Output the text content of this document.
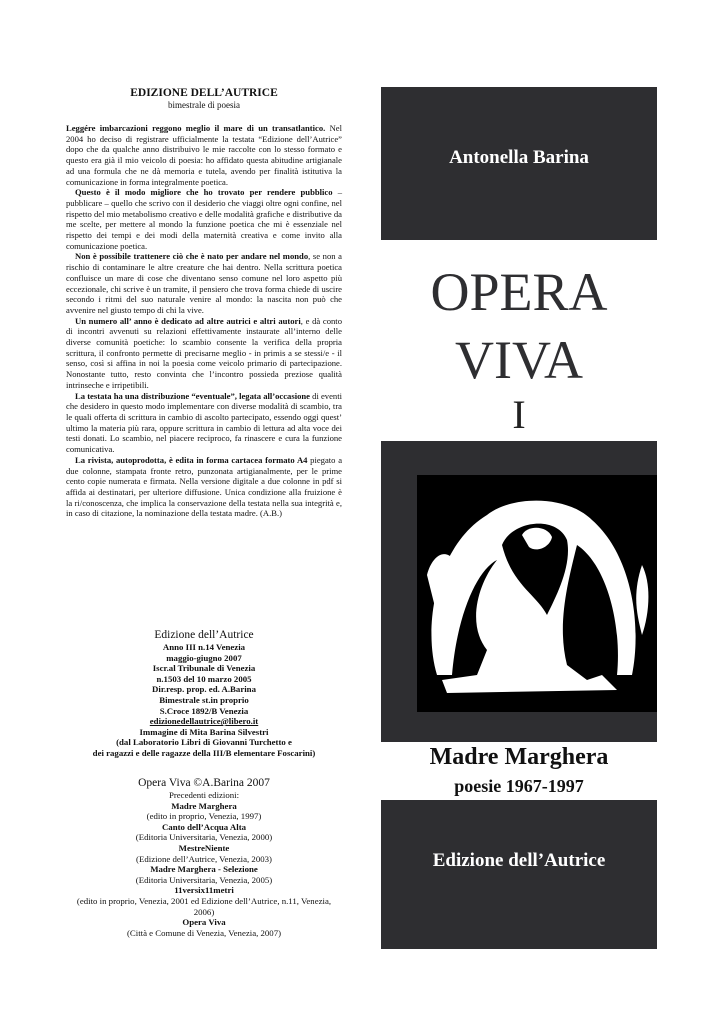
EDIZIONE DELL’AUTRICE
bimestrale di poesia

Leggére imbarcazioni reggono meglio il mare di un transatlantico. Nel 2004 ho deciso di registrare ufficialmente la testata “Edizione dell’Autrice” dopo che da qualche anno distribuivo le mie raccolte con lo stesso formato e questo era già il mio veicolo di poesia: ho affidato questa abitudine artigianale ad una formula che ne dà memoria e tutela, avendo per finalità istitutiva la comunicazione in forma integralmente poetica.

Questo è il modo migliore che ho trovato per rendere pubblico – pubblicare – quello che scrivo con il desiderio che viaggi oltre ogni confine, nel rispetto del mio metabolismo creativo e delle modalità grafiche e distributive da me scelte, per mettere al mondo la funzione poetica che mi è essenziale nel rispetto dei tempi e dei modi della maternità creativa e come invito alla comunicazione poetica.

Non è possibile trattenere ciò che è nato per andare nel mondo, se non a rischio di contaminare le altre creature che hai dentro. Nella scrittura poetica confluisce un mare di cose che diventano senso comune nel loro aspetto più eccezionale, chi scrive è un tramite, il pensiero che trova forma chiede di uscire secondo i ritmi del suo naturale venire al mondo: la nascita non può che avvenire nel giusto tempo di chi la vive.

Un numero all’ anno è dedicato ad altre autrici e altri autori, e dà conto di incontri avvenuti su relazioni effettivamente instaurate all’interno delle diverse comunità poetiche: lo scambio consente la verifica della propria scrittura, il confronto permette di precisarne meglio - in primis a se stessi/e - il senso, così si affina in noi la poesia come veicolo primario di partecipazione. Nonostante tutto, resto convinta che l’incontro possieda preziose qualità intrinseche e irripetibili.

La testata ha una distribuzione “eventuale”, legata all’occasione di eventi che desidero in questo modo implementare con diverse modalità di scambio, tra le quali offerta di scrittura in cambio di ascolto partecipato, essendo oggi quest’ ultimo la materia più rara, oppure scrittura in cambio di lettura ad alta voce dei testi donati. Lo scambio, nel piacere reciproco, fa rinascere e cura la funzione comunicativa.

La rivista, autoprodotta, è edita in forma cartacea formato A4 piegato a due colonne, stampata fronte retro, punzonata artigianalmente, per le prime cento copie numerata e firmata. Nella versione digitale a due colonne in pdf si affida ai destinatari, per ulteriore diffusione. Unica condizione alla fruizione è la ri/conoscenza, che implica la conservazione della testata nella sua integrità e, in caso di citazione, la nominazione della testata madre. (A.B.)

Edizione dell’Autrice
Anno III n.14 Venezia
maggio-giugno 2007
Iscr.al Tribunale di Venezia
n.1503 del 10 marzo 2005
Dir.resp. prop. ed. A.Barina
Bimestrale st.in proprio
S.Croce 1892/B Venezia
edizionedellautrice@libero.it
Immagine di Mita Barina Silvestri
(dal Laboratorio Libri di Giovanni Turchetto e
dei ragazzi e delle ragazze della III/B elementare Foscarini)
Opera Viva ©A.Barina 2007
Precedenti edizioni:
Madre Marghera
(edito in proprio, Venezia, 1997)
Canto dell’Acqua Alta
(Editoria Universitaria, Venezia, 2000)
MestreNiente
(Edizione dell’Autrice, Venezia, 2003)
Madre Marghera - Selezione
(Editoria Universitaria, Venezia, 2005)
11versix11metri
(edito in proprio, Venezia, 2001 ed Edizione dell’Autrice, n.11, Venezia, 2006)
Opera Viva
(Città e Comune di Venezia, Venezia, 2007)
Antonella Barina
OPERA
VIVA
I
Madre Marghera
poesie 1967-1997
Edizione dell’Autrice
